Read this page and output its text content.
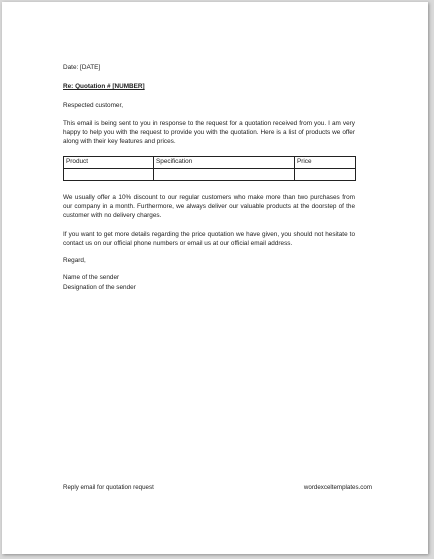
Date: [DATE]

Re: Quotation # [NUMBER]

Respected customer,

This email is being sent to you in response to the request for a quotation received from you. I am very happy to help you with the request to provide you with the quotation. Here is a list of products we offer along with their key features and prices.

Product	Specification	Price

We usually offer a 10% discount to our regular customers who make more than two purchases from our company in a month. Furthermore, we always deliver our valuable products at the doorstep of the customer with no delivery charges.

If you want to get more details regarding the price quotation we have given, you should not hesitate to contact us on our official phone numbers or email us at our official email address.

Regard,

Name of the sender

Designation of the sender

Reply email for quotation request	wordexceltemplates.com
